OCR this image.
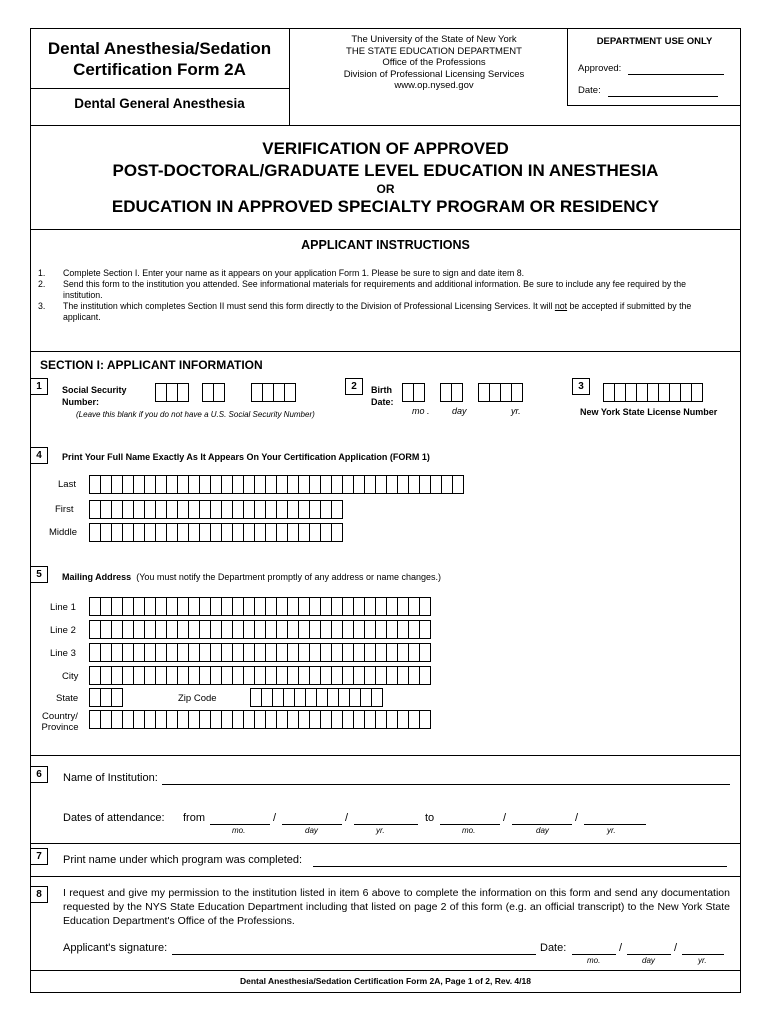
Dental Anesthesia/Sedation
Certification Form 2A
Dental General Anesthesia
The University of the State of New York
THE STATE EDUCATION DEPARTMENT
Office of the Professions
Division of Professional Licensing Services
www.op.nysed.gov
DEPARTMENT USE ONLY
Approved:
Date:
VERIFICATION OF APPROVED
POST-DOCTORAL/GRADUATE LEVEL EDUCATION IN ANESTHESIA
OR
EDUCATION IN APPROVED SPECIALTY PROGRAM OR RESIDENCY
APPLICANT INSTRUCTIONS
1.	Complete Section I. Enter your name as it appears on your application Form 1. Please be sure to sign and date item 8.
2.	Send this form to the institution you attended. See informational materials for requirements and additional information. Be sure to include any fee required by the institution.
3.	The institution which completes Section II must send this form directly to the Division of Professional Licensing Services. It will not be accepted if submitted by the applicant.
SECTION I: APPLICANT INFORMATION
1	Social Security
Number:
(Leave this blank if you do not have a U.S. Social Security Number)
2	Birth
Date:
mo . day	yr.
3
New York State License Number
4	Print Your Full Name Exactly As It Appears On Your Certification Application (FORM 1)
Last
First
Middle
5	Mailing Address (You must notify the Department promptly of any address or name changes.)
Line 1
Line 2
Line 3
City
State	Zip Code
Country/
Province
6	Name of Institution:
Dates of attendance: from	/	/	to	/	/
mo.	day	yr.	mo.	day	yr.
7	Print name under which program was completed:
8	I request and give my permission to the institution listed in item 6 above to complete the information on this form and send any documentation requested by the NYS State Education Department including that listed on page 2 of this form (e.g. an official transcript) to the New York State Education Department's Office of the Professions.
Applicant's signature:	Date:	/	/
mo.	day	yr.
Dental Anesthesia/Sedation Certification Form 2A, Page 1 of 2, Rev. 4/18
